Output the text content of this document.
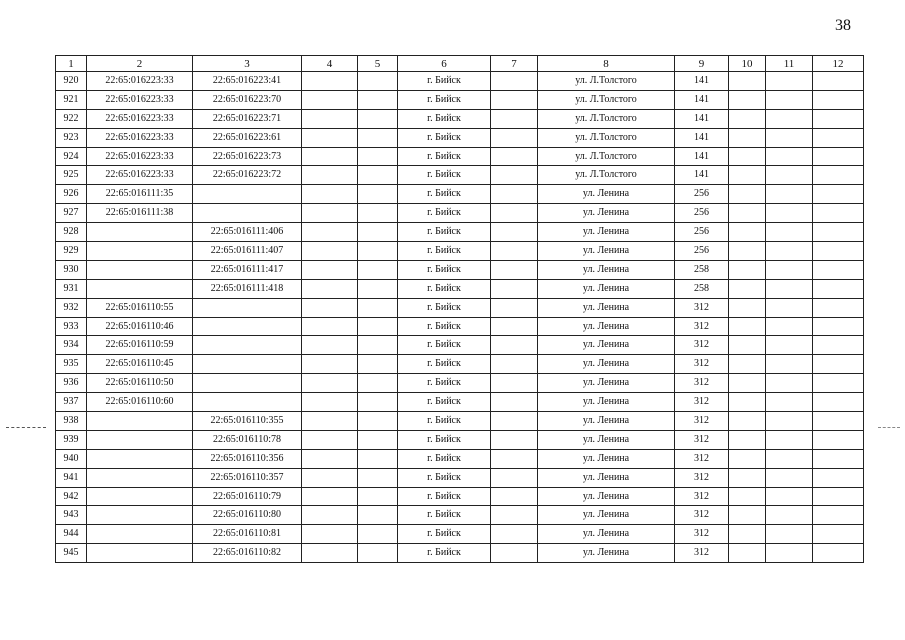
38
1	2	3	4	5	6	7	8	9	10	11	12
920	22:65:016223:33	22:65:016223:41			г. Бийск		ул. Л.Толстого	141			
921	22:65:016223:33	22:65:016223:70			г. Бийск		ул. Л.Толстого	141			
922	22:65:016223:33	22:65:016223:71			г. Бийск		ул. Л.Толстого	141			
923	22:65:016223:33	22:65:016223:61			г. Бийск		ул. Л.Толстого	141			
924	22:65:016223:33	22:65:016223:73			г. Бийск		ул. Л.Толстого	141			
925	22:65:016223:33	22:65:016223:72			г. Бийск		ул. Л.Толстого	141			
926	22:65:016111:35				г. Бийск		ул. Ленина	256			
927	22:65:016111:38				г. Бийск		ул. Ленина	256			
928		22:65:016111:406			г. Бийск		ул. Ленина	256			
929		22:65:016111:407			г. Бийск		ул. Ленина	256			
930		22:65:016111:417			г. Бийск		ул. Ленина	258			
931		22:65:016111:418			г. Бийск		ул. Ленина	258			
932	22:65:016110:55				г. Бийск		ул. Ленина	312			
933	22:65:016110:46				г. Бийск		ул. Ленина	312			
934	22:65:016110:59				г. Бийск		ул. Ленина	312			
935	22:65:016110:45				г. Бийск		ул. Ленина	312			
936	22:65:016110:50				г. Бийск		ул. Ленина	312			
937	22:65:016110:60				г. Бийск		ул. Ленина	312			
938		22:65:016110:355			г. Бийск		ул. Ленина	312			
939		22:65:016110:78			г. Бийск		ул. Ленина	312			
940		22:65:016110:356			г. Бийск		ул. Ленина	312			
941		22:65:016110:357			г. Бийск		ул. Ленина	312			
942		22:65:016110:79			г. Бийск		ул. Ленина	312			
943		22:65:016110:80			г. Бийск		ул. Ленина	312			
944		22:65:016110:81			г. Бийск		ул. Ленина	312			
945		22:65:016110:82			г. Бийск		ул. Ленина	312			
